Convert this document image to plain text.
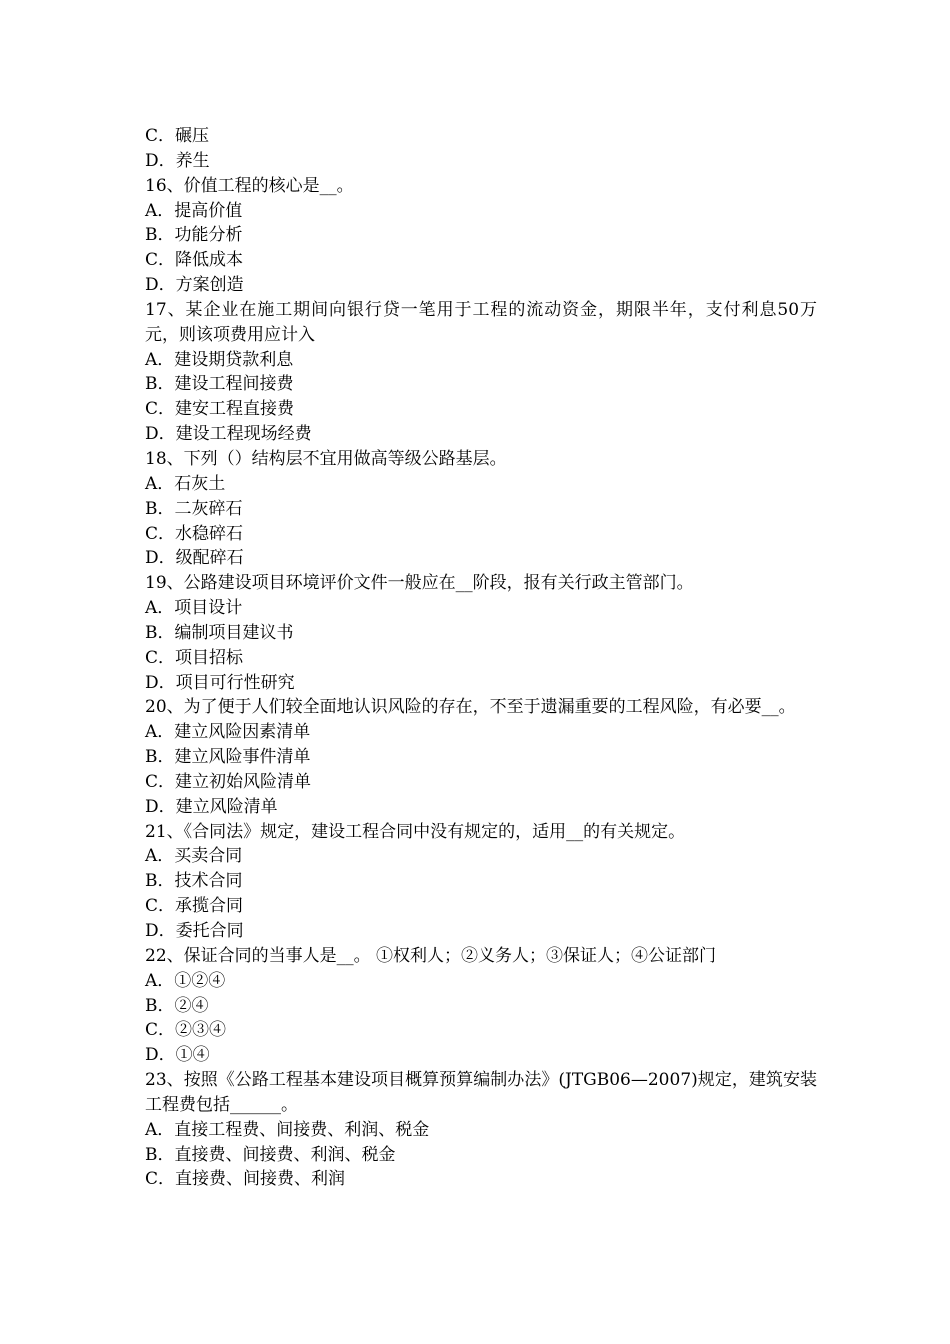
C．碾压
D．养生
16、价值工程的核心是__。
A．提高价值
B．功能分析
C．降低成本
D．方案创造
17、某企业在施工期间向银行贷一笔用于工程的流动资金，期限半年，支付利息50万元，则该项费用应计入
A．建设期贷款利息
B．建设工程间接费
C．建安工程直接费
D．建设工程现场经费
18、下列（）结构层不宜用做高等级公路基层。
A．石灰土
B．二灰碎石
C．水稳碎石
D．级配碎石
19、公路建设项目环境评价文件一般应在__阶段，报有关行政主管部门。
A．项目设计
B．编制项目建议书
C．项目招标
D．项目可行性研究
20、为了便于人们较全面地认识风险的存在，不至于遗漏重要的工程风险，有必要__。
A．建立风险因素清单
B．建立风险事件清单
C．建立初始风险清单
D．建立风险清单
21、《合同法》规定，建设工程合同中没有规定的，适用__的有关规定。
A．买卖合同
B．技术合同
C．承揽合同
D．委托合同
22、保证合同的当事人是__。 ①权利人；②义务人；③保证人；④公证部门
A．①②④
B．②④
C．②③④
D．①④
23、按照《公路工程基本建设项目概算预算编制办法》(JTGB06—2007)规定，建筑安装工程费包括______。
A．直接工程费、间接费、利润、税金
B．直接费、间接费、利润、税金
C．直接费、间接费、利润
